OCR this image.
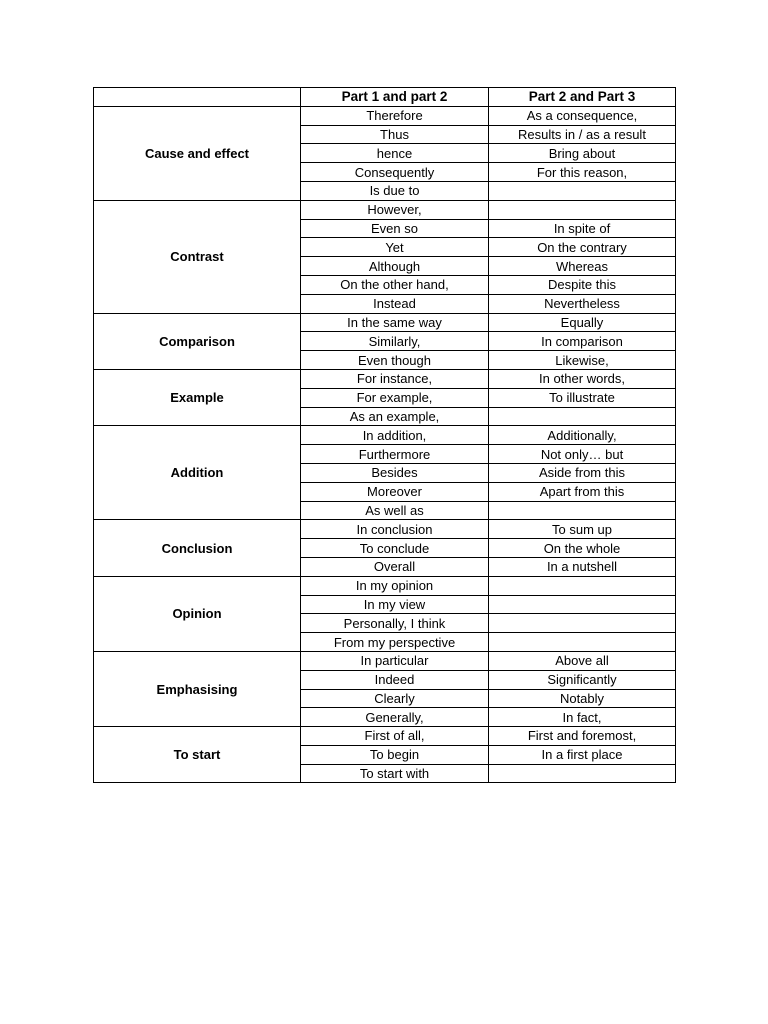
	Part 1 and part 2	Part 2 and Part 3
Cause and effect	Therefore	As a consequence,
	Thus	Results in / as a result
	hence	Bring about
	Consequently	For this reason,
	Is due to	
Contrast	However,	
	Even so	In spite of
	Yet	On the contrary
	Although	Whereas
	On the other hand,	Despite this
	Instead	Nevertheless
Comparison	In the same way	Equally
	Similarly,	In comparison
	Even though	Likewise,
Example	For instance,	In other words,
	For example,	To illustrate
	As an example,	
Addition	In addition,	Additionally,
	Furthermore	Not only… but
	Besides	Aside from this
	Moreover	Apart from this
	As well as	
Conclusion	In conclusion	To sum up
	To conclude	On the whole
	Overall	In a nutshell
Opinion	In my opinion	
	In my view	
	Personally, I think	
	From my perspective	
Emphasising	In particular	Above all
	Indeed	Significantly
	Clearly	Notably
	Generally,	In fact,
To start	First of all,	First and foremost,
	To begin	In a first place
	To start with	
